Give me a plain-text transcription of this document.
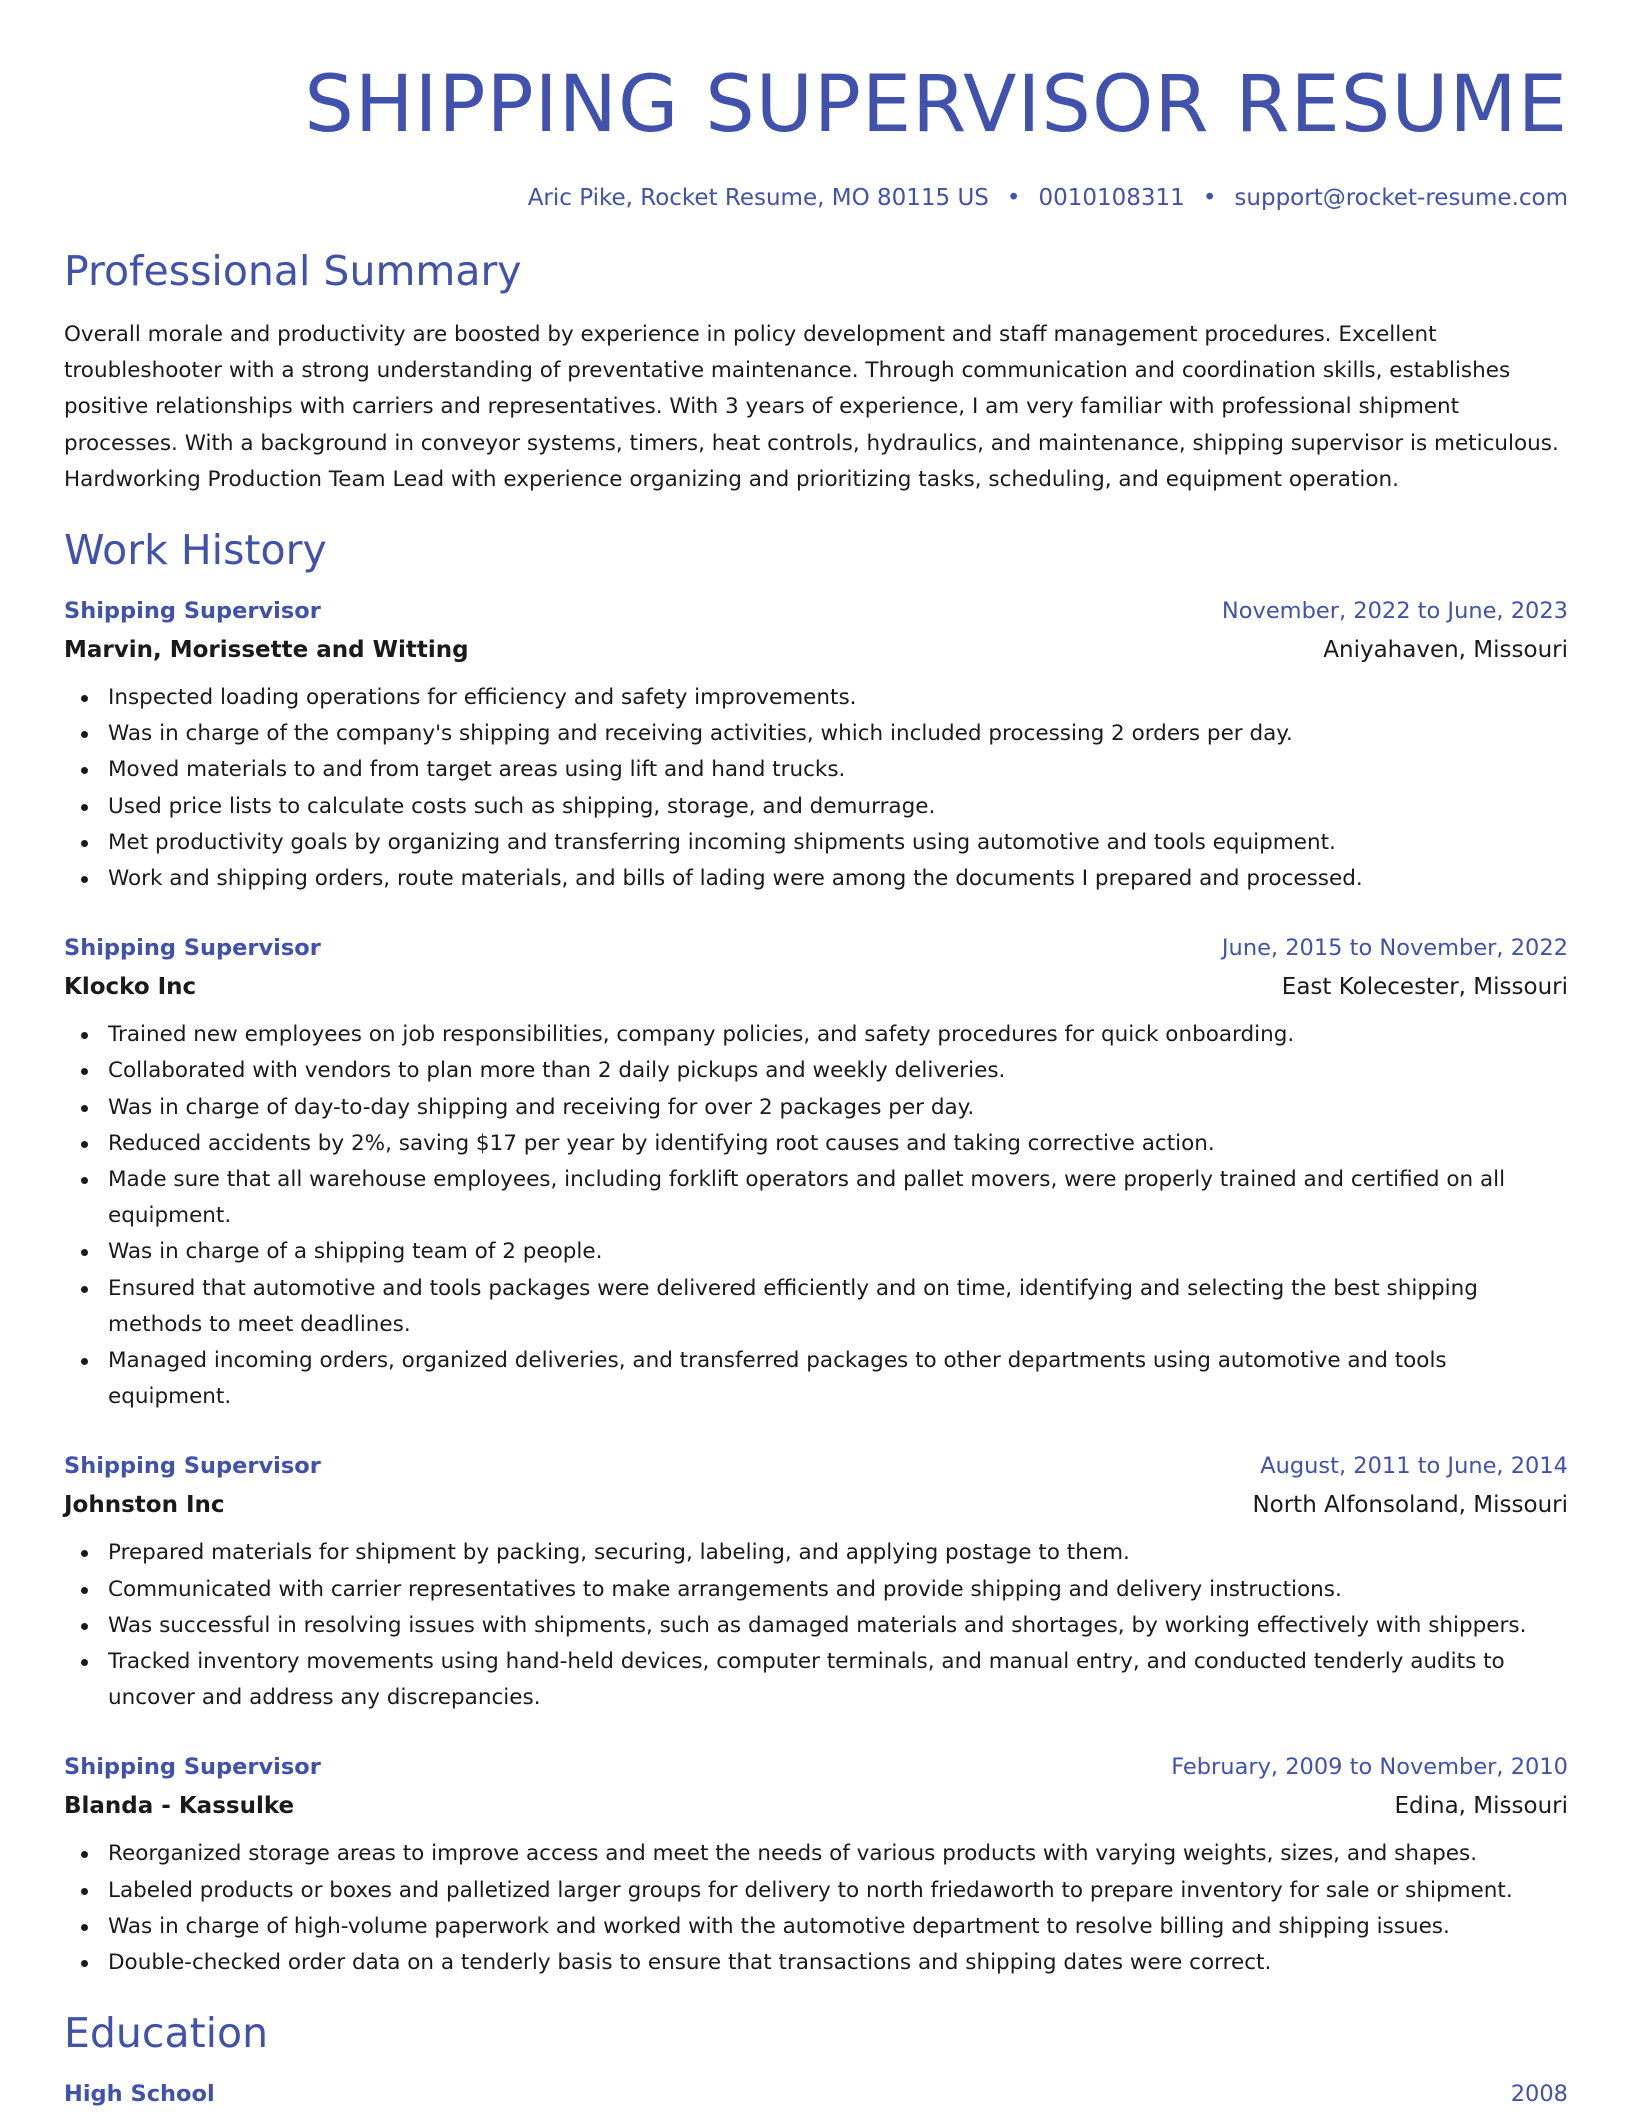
SHIPPING SUPERVISOR RESUME
Aric Pike, Rocket Resume, MO 80115 US • 0010108311 • support@rocket-resume.com
Professional Summary

Overall morale and productivity are boosted by experience in policy development and staff management procedures. Excellent troubleshooter with a strong understanding of preventative maintenance. Through communication and coordination skills, establishes positive relationships with carriers and representatives. With 3 years of experience, I am very familiar with professional shipment processes. With a background in conveyor systems, timers, heat controls, hydraulics, and maintenance, shipping supervisor is meticulous. Hardworking Production Team Lead with experience organizing and prioritizing tasks, scheduling, and equipment operation.

Work History
Shipping Supervisor	November, 2022 to June, 2023
Marvin, Morissette and Witting	Aniyahaven, Missouri
Inspected loading operations for efficiency and safety improvements.
Was in charge of the company's shipping and receiving activities, which included processing 2 orders per day.
Moved materials to and from target areas using lift and hand trucks.
Used price lists to calculate costs such as shipping, storage, and demurrage.
Met productivity goals by organizing and transferring incoming shipments using automotive and tools equipment.
Work and shipping orders, route materials, and bills of lading were among the documents I prepared and processed.
Shipping Supervisor	June, 2015 to November, 2022
Klocko Inc	East Kolecester, Missouri
Trained new employees on job responsibilities, company policies, and safety procedures for quick onboarding.
Collaborated with vendors to plan more than 2 daily pickups and weekly deliveries.
Was in charge of day-to-day shipping and receiving for over 2 packages per day.
Reduced accidents by 2%, saving $17 per year by identifying root causes and taking corrective action.
Made sure that all warehouse employees, including forklift operators and pallet movers, were properly trained and certified on all equipment.
Was in charge of a shipping team of 2 people.
Ensured that automotive and tools packages were delivered efficiently and on time, identifying and selecting the best shipping methods to meet deadlines.
Managed incoming orders, organized deliveries, and transferred packages to other departments using automotive and tools equipment.
Shipping Supervisor	August, 2011 to June, 2014
Johnston Inc	North Alfonsoland, Missouri
Prepared materials for shipment by packing, securing, labeling, and applying postage to them.
Communicated with carrier representatives to make arrangements and provide shipping and delivery instructions.
Was successful in resolving issues with shipments, such as damaged materials and shortages, by working effectively with shippers.
Tracked inventory movements using hand-held devices, computer terminals, and manual entry, and conducted tenderly audits to uncover and address any discrepancies.
Shipping Supervisor	February, 2009 to November, 2010
Blanda - Kassulke	Edina, Missouri
Reorganized storage areas to improve access and meet the needs of various products with varying weights, sizes, and shapes.
Labeled products or boxes and palletized larger groups for delivery to north friedaworth to prepare inventory for sale or shipment.
Was in charge of high-volume paperwork and worked with the automotive department to resolve billing and shipping issues.
Double-checked order data on a tenderly basis to ensure that transactions and shipping dates were correct.
Education
High School	2008
